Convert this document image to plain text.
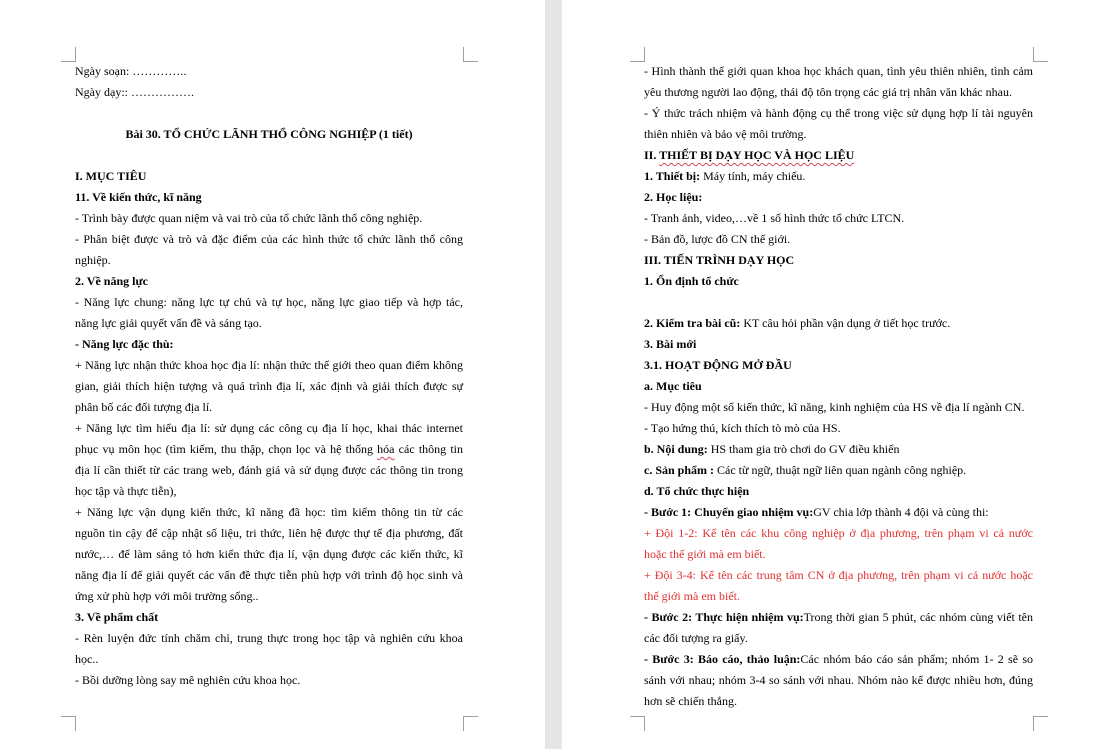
Ngày soạn: …………..
Ngày dạy:: …………….
Bài 30. TỔ CHỨC LÃNH THỔ CÔNG NGHIỆP (1 tiết)
I. MỤC TIÊU
11. Về kiến thức, kĩ năng
- Trình bày được quan niệm và vai trò của tổ chức lãnh thổ công nghiệp.
- Phân biệt được và trò và đặc điểm của các hình thức tổ chức lãnh thổ công
nghiệp.
2. Về năng lực
- Năng lực chung: năng lực tự chủ và tự học, năng lực giao tiếp và hợp tác,
năng lực giải quyết vấn đề và sáng tạo.
- Năng lực đặc thù:
+ Năng lực nhận thức khoa học địa lí: nhận thức thế giới theo quan điểm không
gian, giải thích hiện tượng và quá trình địa lí, xác định và giải thích được sự
phân bố các đối tượng địa lí.
+ Năng lực tìm hiểu địa lí: sử dụng các công cụ địa lí học, khai thác internet
phục vụ môn học (tìm kiếm, thu thập, chọn lọc và hệ thống hóa các thông tin
địa lí cần thiết từ các trang web, đánh giá và sử dụng được các thông tin trong
học tập và thực tiễn),
+ Năng lực vận dụng kiến thức, kĩ năng đã học: tìm kiếm thông tin từ các
nguồn tin cậy để cập nhật số liệu, tri thức, liên hệ được thự tế địa phương, đất
nước,… để làm sáng tỏ hơn kiến thức địa lí, vận dụng được các kiến thức, kĩ
năng địa lí để giải quyết các vấn đề thực tiễn phù hợp với trình độ học sinh và
ứng xử phù hợp với môi trường sống..
3. Về phẩm chất
- Rèn luyện đức tính chăm chỉ, trung thực trong học tập và nghiên cứu khoa
học..
- Bồi dưỡng lòng say mê nghiên cứu khoa học.
- Hình thành thế giới quan khoa học khách quan, tình yêu thiên nhiên, tình cảm
yêu thương người lao động, thái độ tôn trọng các giá trị nhân văn khác nhau.
- Ý thức trách nhiệm và hành động cụ thể trong việc sử dụng hợp lí tài nguyên
thiên nhiên và bảo vệ môi trường.
II. THIẾT BỊ DẠY HỌC VÀ HỌC LIỆU
1. Thiết bị: Máy tính, máy chiếu.
2. Học liệu:
- Tranh ảnh, video,…về 1 số hình thức tổ chức LTCN.
- Bản đồ, lược đồ CN thế giới.
III. TIẾN TRÌNH DẠY HỌC
1. Ổn định tổ chức
2. Kiểm tra bài cũ: KT câu hỏi phần vận dụng ở tiết học trước.
3. Bài mới
3.1. HOẠT ĐỘNG MỞ ĐẦU
a. Mục tiêu
- Huy động một số kiến thức, kĩ năng, kinh nghiệm của HS về địa lí ngành CN.
- Tạo hứng thú, kích thích tò mò của HS.
b. Nội dung: HS tham gia trò chơi do GV điều khiển
c. Sản phẩm : Các từ ngữ, thuật ngữ liên quan ngành công nghiệp.
d. Tổ chức thực hiện
- Bước 1: Chuyển giao nhiệm vụ:GV chia lớp thành 4 đội và cùng thi:
+ Đội 1-2: Kể tên các khu công nghiệp ở địa phương, trên phạm vi cả nước
hoặc thế giới mà em biết.
+ Đội 3-4: Kể tên các trung tâm CN ở địa phương, trên phạm vi cả nước hoặc
thế giới mà em biết.
- Bước 2: Thực hiện nhiệm vụ:Trong thời gian 5 phút, các nhóm cùng viết tên
các đối tượng ra giấy.
- Bước 3: Báo cáo, thảo luận:Các nhóm báo cáo sản phẩm; nhóm 1- 2 sẽ so
sánh với nhau; nhóm 3-4 so sánh với nhau. Nhóm nào kể được nhiều hơn, đúng
hơn sẽ chiến thắng.
